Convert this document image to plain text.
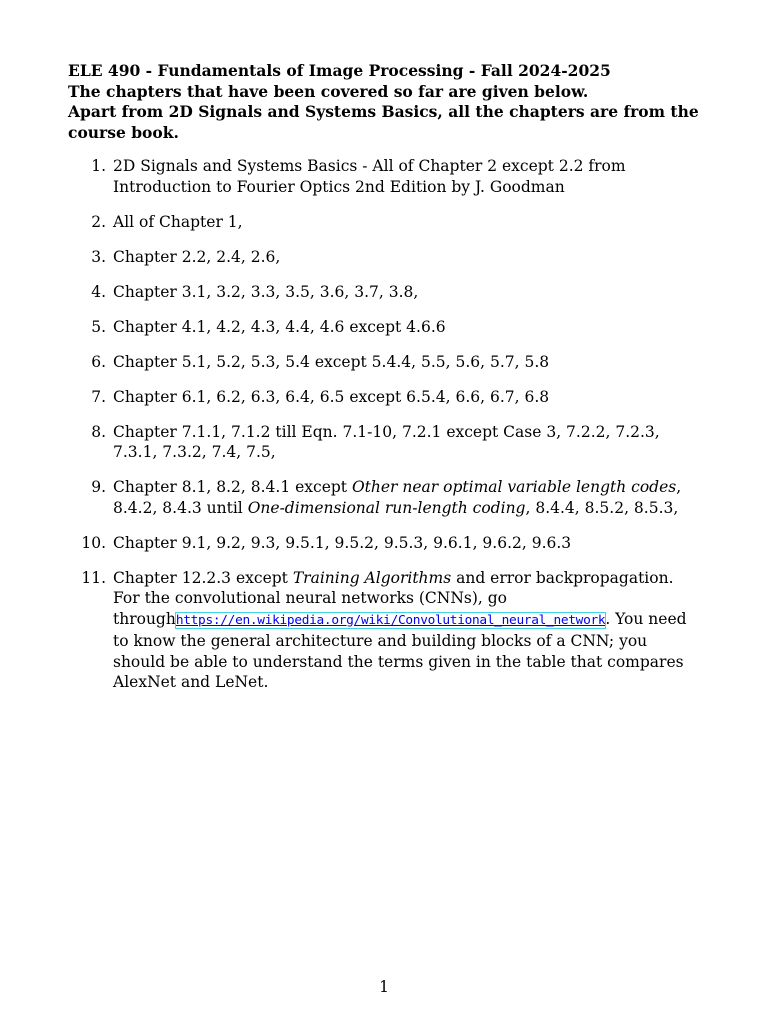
ELE 490 - Fundamentals of Image Processing - Fall 2024-2025
The chapters that have been covered so far are given below.
Apart from 2D Signals and Systems Basics, all the chapters are from the course book.
1. 2D Signals and Systems Basics - All of Chapter 2 except 2.2 from Introduction to Fourier Optics 2nd Edition by J. Goodman
2. All of Chapter 1,
3. Chapter 2.2, 2.4, 2.6,
4. Chapter 3.1, 3.2, 3.3, 3.5, 3.6, 3.7, 3.8,
5. Chapter 4.1, 4.2, 4.3, 4.4, 4.6 except 4.6.6
6. Chapter 5.1, 5.2, 5.3, 5.4 except 5.4.4, 5.5, 5.6, 5.7, 5.8
7. Chapter 6.1, 6.2, 6.3, 6.4, 6.5 except 6.5.4, 6.6, 6.7, 6.8
8. Chapter 7.1.1, 7.1.2 till Eqn. 7.1-10, 7.2.1 except Case 3, 7.2.2, 7.2.3, 7.3.1, 7.3.2, 7.4, 7.5,
9. Chapter 8.1, 8.2, 8.4.1 except Other near optimal variable length codes, 8.4.2, 8.4.3 until One-dimensional run-length coding, 8.4.4, 8.5.2, 8.5.3,
10. Chapter 9.1, 9.2, 9.3, 9.5.1, 9.5.2, 9.5.3, 9.6.1, 9.6.2, 9.6.3
11. Chapter 12.2.3 except Training Algorithms and error backpropagation. For the convolutional neural networks (CNNs), go throughhttps://en.wikipedia.org/wiki/Convolutional_neural_network. You need to know the general architecture and building blocks of a CNN; you should be able to understand the terms given in the table that compares AlexNet and LeNet.
1
